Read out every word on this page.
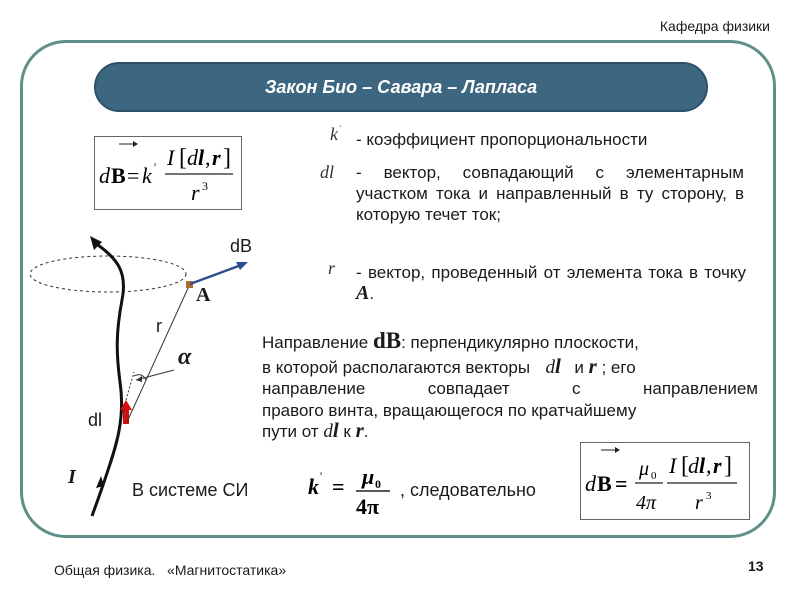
Кафедра физики
Закон Био – Савара – Лапласа
d B = k ' I [ d l , r ]
r 3
k` - коэффициент пропорциональности
dl - вектор, совпадающий с элементарным участком тока и направленный в ту сторону, в которую течет ток;
r - вектор, проведенный от элемента тока в точку A.
dB
A
r
α
dl
I
Направление dB: перпендикулярно плоскости,
в которой располагаются векторы dl и r ; его
направление совпадает с направлением
правого винта, вращающегося по кратчайшему
пути от dl к r.
В системе СИ	k ' = μ 0
4π
, следовательно d B =
μ 0
4π
I [ d l , r ]
r 3
Общая физика.   «Магнитостатика»	13
